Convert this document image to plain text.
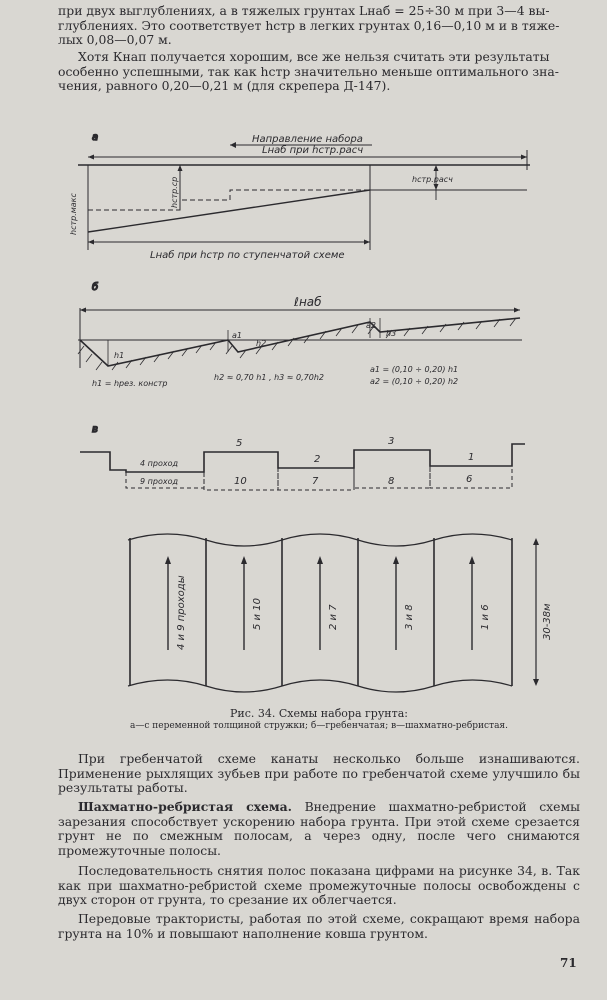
при двух выглублениях, а в тяжелых грунтах Lнаб = 25÷30 м при 3—4 вы-
глублениях. Это соответствует hстр в легких грунтах 0,16—0,10 м и в тяже-
лых 0,08—0,07 м.

Хотя Кнап получается хорошим, все же нельзя считать эти результаты
особенно успешными, так как hстр значительно меньше оптимального зна-
чения, равного 0,20—0,21 м (для скрепера Д-147).

а
б
в
Направление набора
Lнаб при hстр.расч
hстр.макс
hстр.ср	hстр.расч
Lнаб при hстр по ступенчатой схеме
ℓнаб
h1
a1
h2
a2
h3
h1 = hрез. констр
h2 ≈ 0,70 h1 , h3 ≈ 0,70h2
a1 = (0,10 ÷ 0,20) h1
a2 = (0,10 ÷ 0,20) h2
5
2
3
1
4 проход
9 проход	10	7	8	6
4 и 9 проходы	5 и 10	2 и 7	3 и 8	1 и 6	30-38м
Рис. 34. Схемы набора грунта:
а—с переменной толщиной стружки; б—гребенчатая; в—шахматно-ребристая.

При гребенчатой схеме канаты несколько больше изнашиваются. Применение рыхлящих зубьев при работе по гребенчатой схеме улучшило бы результаты работы.

Шахматно-ребристая схема. Внедрение шахматно-ребристой схемы зарезания способствует ускорению набора грунта. При этой схеме срезается грунт не по смежным полосам, а через одну, после чего снимаются промежуточные полосы.

Последовательность снятия полос показана цифрами на рисунке 34, в. Так как при шахматно-ребристой схеме промежуточные полосы освобождены с двух сторон от грунта, то срезание их облегчается.

Передовые трактористы, работая по этой схеме, сокращают время набора грунта на 10% и повышают наполнение ковша грунтом.

71
